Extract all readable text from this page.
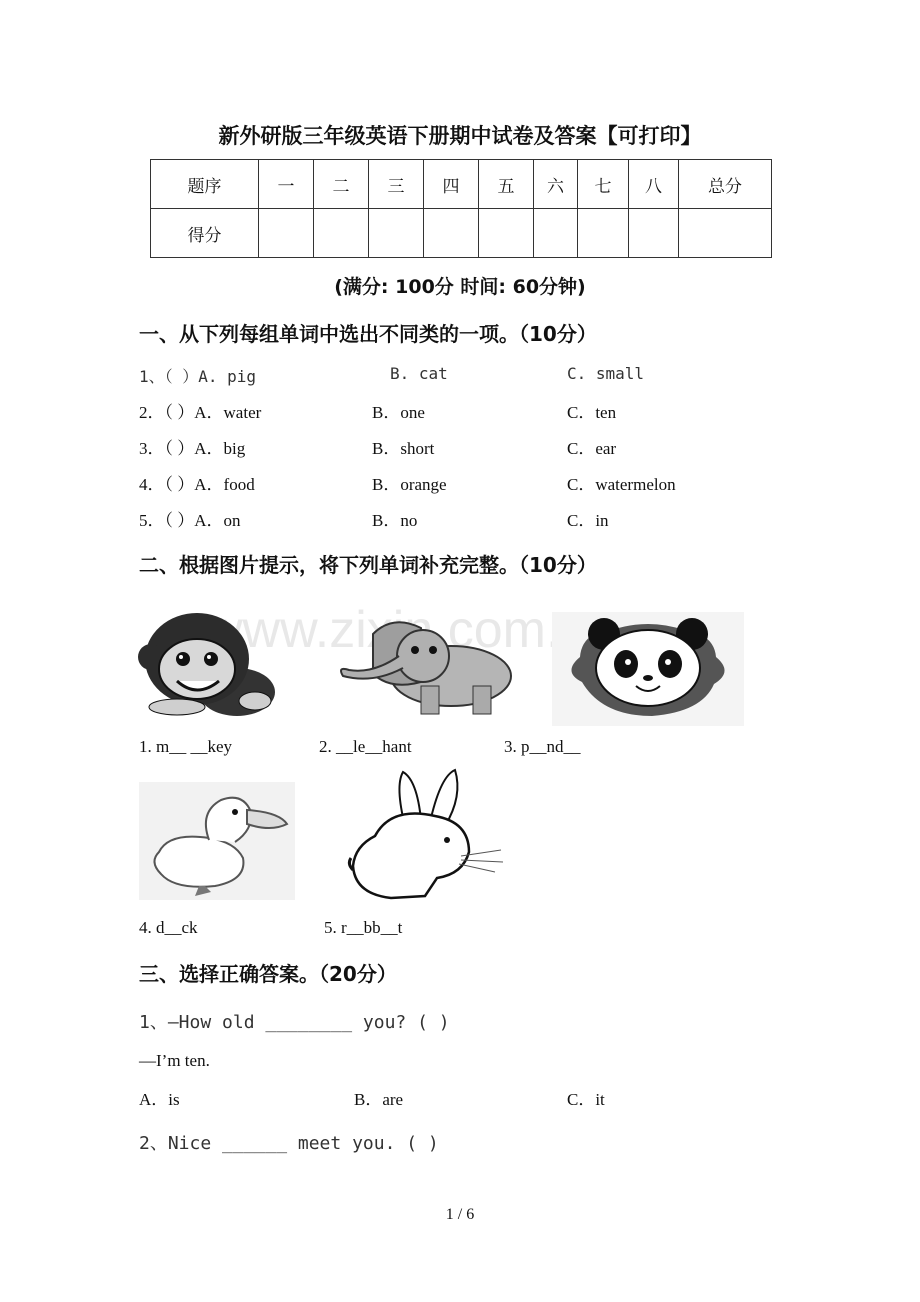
新外研版三年级英语下册期中试卷及答案【可打印】
题序	一	二	三	四	五	六	七	八	总分
得分									
(满分: 100分 时间: 60分钟)
一、从下列每组单词中选出不同类的一项。（10分）
1、（ ）A. pig	B. cat	C. small
2．（ ）A．water	B．one	C．ten
3．（ ）A．big	B．short	C．ear
4．（ ）A．food	B．orange	C．watermelon
5．（ ）A．on	B．no	C．in
二、根据图片提示，将下列单词补充完整。（10分）
1. m__ __key	2. __le__hant	3. p__nd__
4. d__ck	5. r__bb__t
三、选择正确答案。（20分）
1、—How old ________ you? ( )
—I’m ten.
A．is	B．are	C．it
2、Nice ______ meet you. ( )
1 / 6
